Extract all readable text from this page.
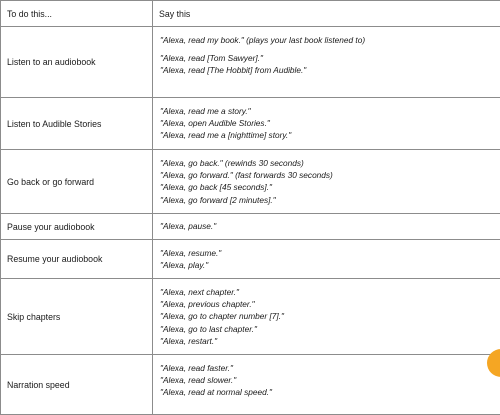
To do this...	Say this
Listen to an audiobook	"Alexa, read my book." (plays your last book listened to)
"Alexa, read [Tom Sawyer]."
"Alexa, read [The Hobbit] from Audible."

Listen to Audible Stories	"Alexa, read me a story."
"Alexa, open Audible Stories."
"Alexa, read me a [nighttime] story."

Go back or go forward	"Alexa, go back." (rewinds 30 seconds)
"Alexa, go forward." (fast forwards 30 seconds)
"Alexa, go back [45 seconds]."
"Alexa, go forward [2 minutes]."

Pause your audiobook	"Alexa, pause."

Resume your audiobook	"Alexa, resume."
"Alexa, play."

Skip chapters	"Alexa, next chapter."
"Alexa, previous chapter."
"Alexa, go to chapter number [7]."
"Alexa, go to last chapter."
"Alexa, restart."

Narration speed	"Alexa, read faster."
"Alexa, read slower."
"Alexa, read at normal speed."
